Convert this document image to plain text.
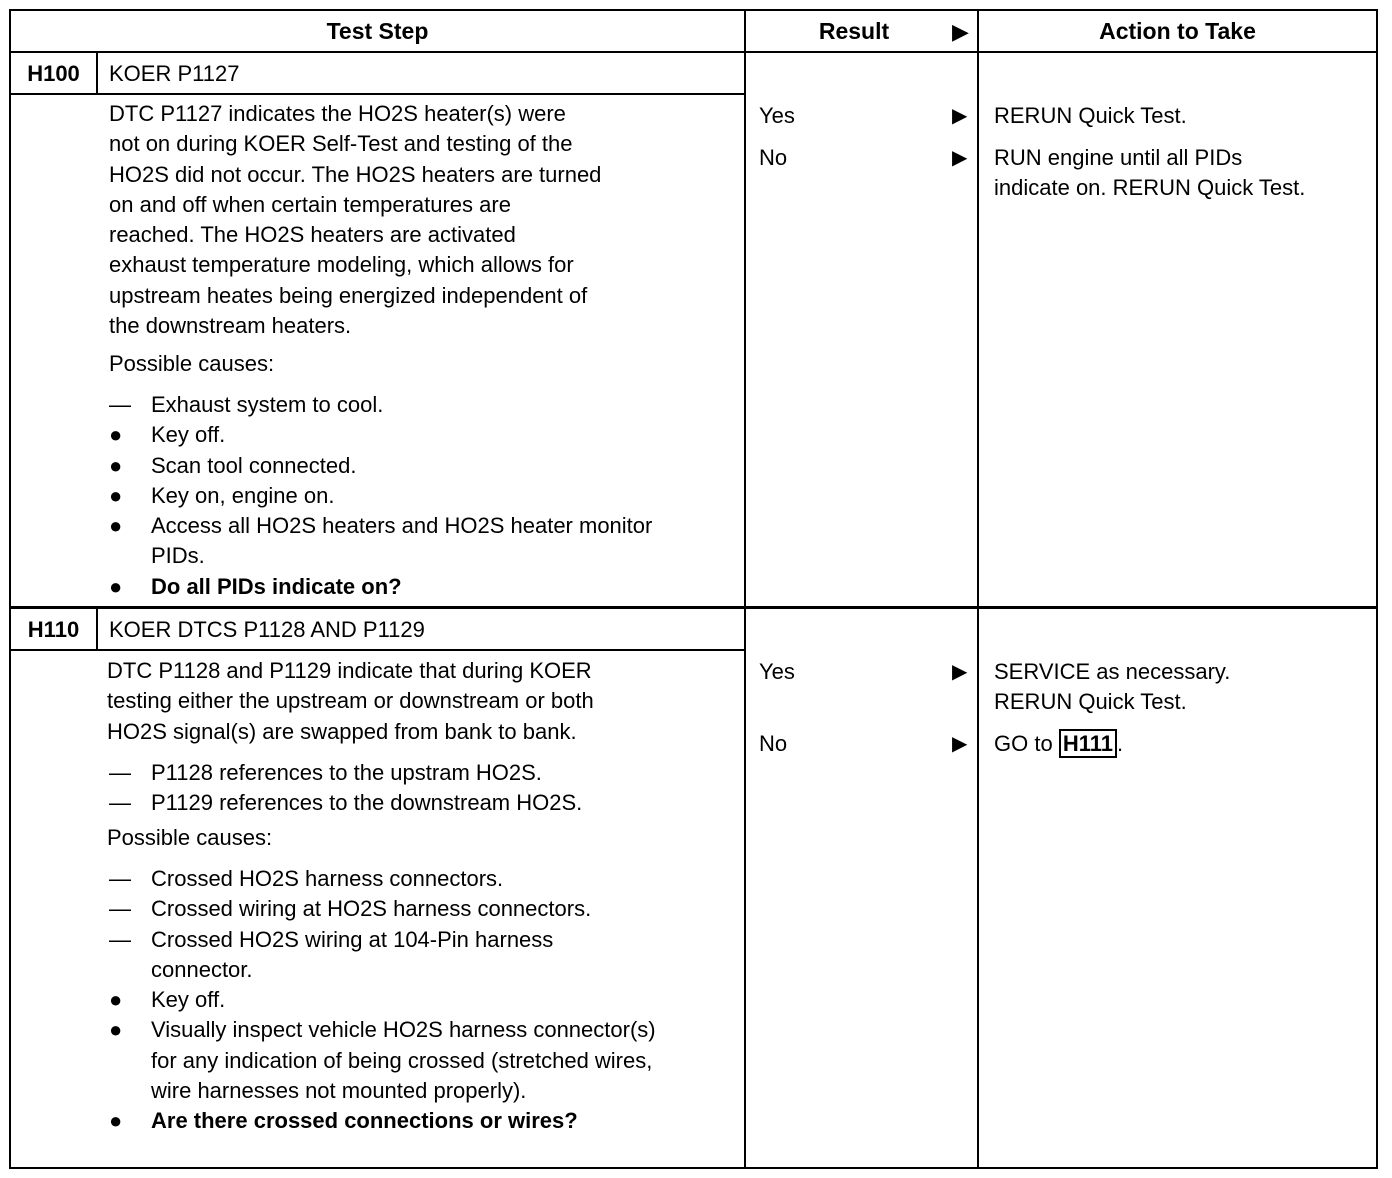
Test Step	Result	▶	Action to Take
H100	KOER P1127
DTC P1127 indicates the HO2S heater(s) were
not on during KOER Self-Test and testing of the
HO2S did not occur. The HO2S heaters are turned
on and off when certain temperatures are
reached. The HO2S heaters are activated
exhaust temperature modeling, which allows for
upstream heates being energized independent of
the downstream heaters.
Possible causes:
— Exhaust system to cool.
●	Key off.
●	Scan tool connected.
●	Key on, engine on.
●	Access all HO2S heaters and HO2S heater monitor PIDs.
●	Do all PIDs indicate on?
Yes	▶ RERUN Quick Test.
No	▶ RUN engine until all PIDs
indicate on. RERUN Quick Test.
H110	KOER DTCS P1128 AND P1129
DTC P1128 and P1129 indicate that during KOER
testing either the upstream or downstream or both
HO2S signal(s) are swapped from bank to bank.
— P1128 references to the upstram HO2S.
— P1129 references to the downstream HO2S.
Possible causes:
— Crossed HO2S harness connectors.
— Crossed wiring at HO2S harness connectors.
— Crossed HO2S wiring at 104-Pin harness connector.
●	Key off.
●	Visually inspect vehicle HO2S harness connector(s) for any indication of being crossed (stretched wires, wire harnesses not mounted properly).
●	Are there crossed connections or wires?
Yes	▶ SERVICE as necessary.
RERUN Quick Test.
No	▶ GO to H111 .
